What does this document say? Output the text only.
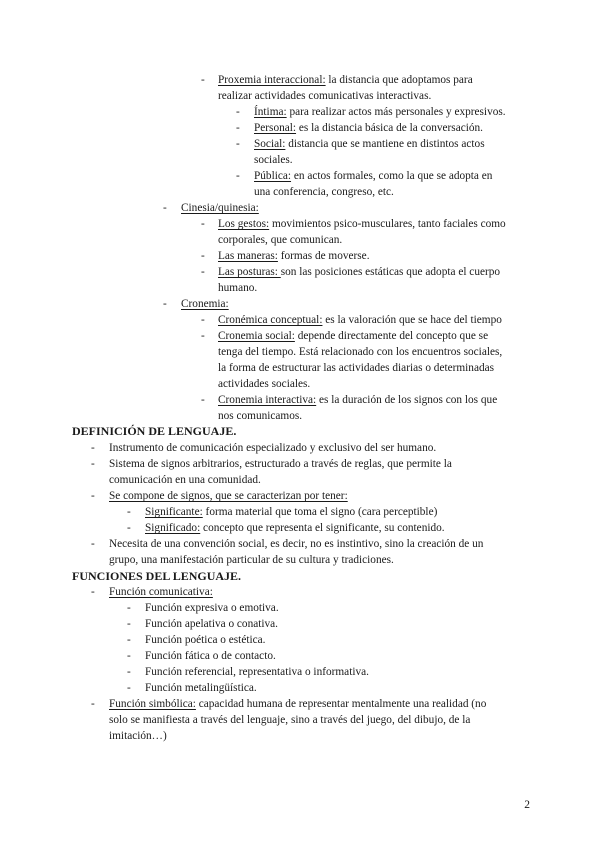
- Proxemia interaccional: la distancia que adoptamos para
realizar actividades comunicativas interactivas.
- Íntima: para realizar actos más personales y expresivos.
- Personal: es la distancia básica de la conversación.
- Social: distancia que se mantiene en distintos actos
sociales.
- Pública: en actos formales, como la que se adopta en
una conferencia, congreso, etc.
- Cinesia/quinesia:
- Los gestos: movimientos psico-musculares, tanto faciales como
corporales, que comunican.
- Las maneras: formas de moverse.
- Las posturas: son las posiciones estáticas que adopta el cuerpo
humano.
- Cronemia:
- Cronémica conceptual: es la valoración que se hace del tiempo
- Cronemia social: depende directamente del concepto que se
tenga del tiempo. Está relacionado con los encuentros sociales,
la forma de estructurar las actividades diarias o determinadas
actividades sociales.
- Cronemia interactiva: es la duración de los signos con los que
nos comunicamos.
DEFINICIÓN DE LENGUAJE.
- Instrumento de comunicación especializado y exclusivo del ser humano.
- Sistema de signos arbitrarios, estructurado a través de reglas, que permite la
comunicación en una comunidad.
- Se compone de signos, que se caracterizan por tener:
- Significante: forma material que toma el signo (cara perceptible)
- Significado: concepto que representa el significante, su contenido.
- Necesita de una convención social, es decir, no es instintivo, sino la creación de un
grupo, una manifestación particular de su cultura y tradiciones.
FUNCIONES DEL LENGUAJE.
- Función comunicativa:
- Función expresiva o emotiva.
- Función apelativa o conativa.
- Función poética o estética.
- Función fática o de contacto.
- Función referencial, representativa o informativa.
- Función metalingüística.
- Función simbólica: capacidad humana de representar mentalmente una realidad (no
solo se manifiesta a través del lenguaje, sino a través del juego, del dibujo, de la
imitación…)
2
